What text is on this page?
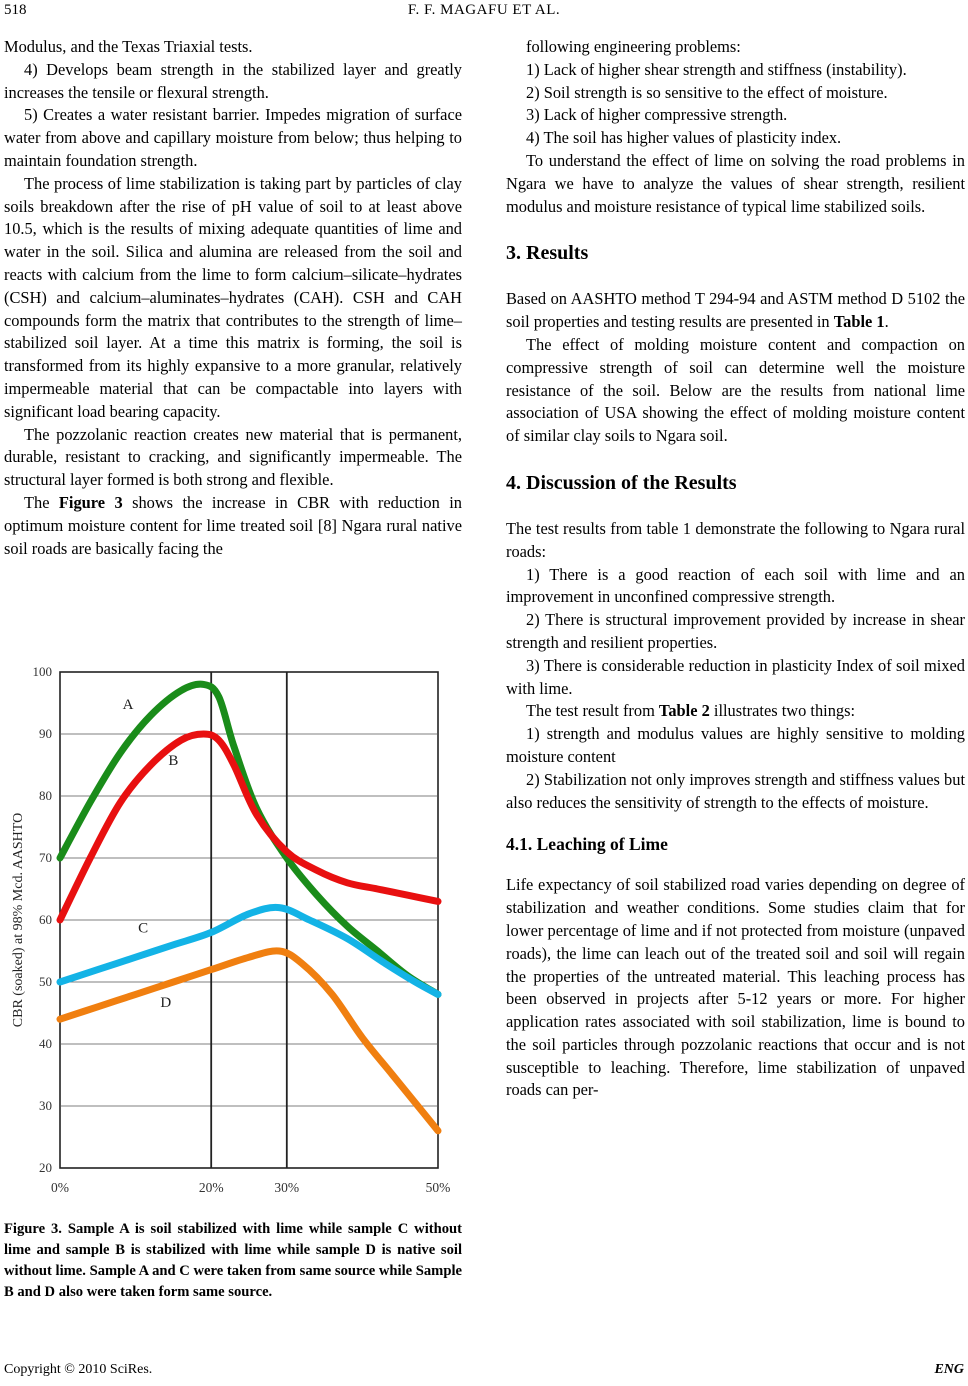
518	F. F. MAGAFU ET AL.

Modulus, and the Texas Triaxial tests.

4) Develops beam strength in the stabilized layer and greatly increases the tensile or flexural strength.

5) Creates a water resistant barrier. Impedes migration of surface water from above and capillary moisture from below; thus helping to maintain foundation strength.

The process of lime stabilization is taking part by particles of clay soils breakdown after the rise of pH value of soil to at least above 10.5, which is the results of mixing adequate quantities of lime and water in the soil. Silica and alumina are released from the soil and reacts with calcium from the lime to form calcium–silicate–hydrates (CSH) and calcium–aluminates–hydrates (CAH). CSH and CAH compounds form the matrix that contributes to the strength of lime–stabilized soil layer. At a time this matrix is forming, the soil is transformed from its highly expansive to a more granular, relatively impermeable material that can be compactable into layers with significant load bearing capacity.

The pozzolanic reaction creates new material that is permanent, durable, resistant to cracking, and significantly impermeable. The structural layer formed is both strong and flexible.

The Figure 3 shows the increase in CBR with reduction in optimum moisture content for lime treated soil [8] Ngara rural native soil roads are basically facing the

100
90
80
70
60
50
40
30
20
0%	20%	30%	50%
CBR (soaked) at 98% Mcd. AASHTO
A
B
C
D
Figure 3. Sample A is soil stabilized with lime while sample C without lime and sample B is stabilized with lime while sample D is native soil without lime. Sample A and C were taken from same source while Sample B and D also were taken form same source.

following engineering problems:

1) Lack of higher shear strength and stiffness (instability).

2) Soil strength is so sensitive to the effect of moisture.

3) Lack of higher compressive strength.

4) The soil has higher values of plasticity index.

To understand the effect of lime on solving the road problems in Ngara we have to analyze the values of shear strength, resilient modulus and moisture resistance of typical lime stabilized soils.

3. Results

Based on AASHTO method T 294-94 and ASTM method D 5102 the soil properties and testing results are presented in Table 1.

The effect of molding moisture content and compaction on compressive strength of soil can determine well the moisture resistance of the soil. Below are the results from national lime association of USA showing the effect of molding moisture content of similar clay soils to Ngara soil.

4. Discussion of the Results

The test results from table 1 demonstrate the following to Ngara rural roads:

1) There is a good reaction of each soil with lime and an improvement in unconfined compressive strength.

2) There is structural improvement provided by increase in shear strength and resilient properties.

3) There is considerable reduction in plasticity Index of soil mixed with lime.

The test result from Table 2 illustrates two things:

1) strength and modulus values are highly sensitive to molding moisture content

2) Stabilization not only improves strength and stiffness values but also reduces the sensitivity of strength to the effects of moisture.

4.1. Leaching of Lime

Life expectancy of soil stabilized road varies depending on degree of stabilization and weather conditions. Some studies claim that for lower percentage of lime and if not protected from moisture (unpaved roads), the lime can leach out of the treated soil and soil will regain the properties of the untreated material. This leaching process has been observed in projects after 5-12 years or more. For higher application rates associated with soil stabilization, lime is bound to the soil particles through pozzolanic reactions that occur and is not susceptible to leaching. Therefore, lime stabilization of unpaved roads can per-

Copyright © 2010 SciRes.	ENG
